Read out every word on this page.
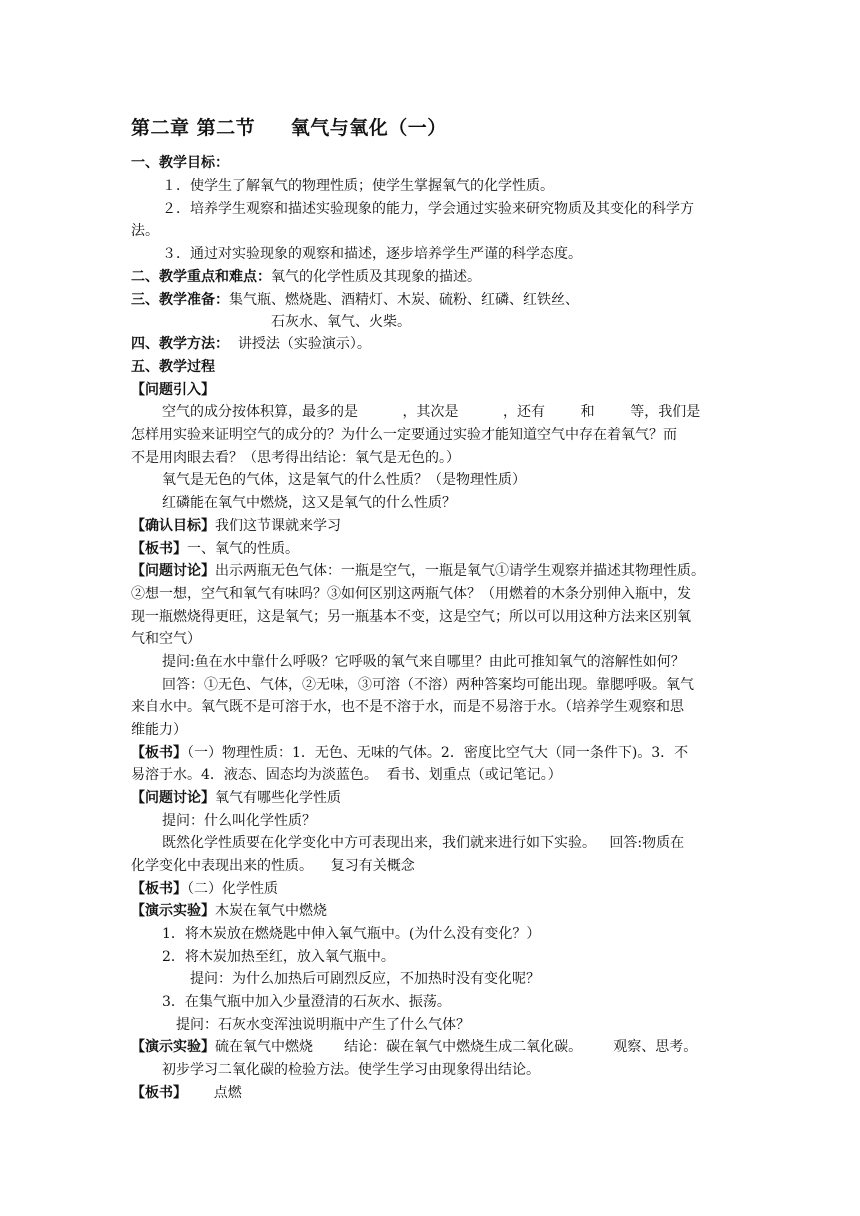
第二章 第二节     氧气与氧化（一）
一、教学目标：
１．使学生了解氧气的物理性质；使学生掌握氧气的化学性质。
２．培养学生观察和描述实验现象的能力，学会通过实验来研究物质及其变化的科学方
法。
３．通过对实验现象的观察和描述，逐步培养学生严谨的科学态度。
二、教学重点和难点：氧气的化学性质及其现象的描述。
三、教学准备：集气瓶、燃烧匙、酒精灯、木炭、硫粉、红磷、红铁丝、
石灰水、氧气、火柴。
四、教学方法： 讲授法（实验演示）。
五、教学过程
【问题引入】
空气的成分按体积算，最多的是          ，其次是          ，还有        和        等，我们是
怎样用实验来证明空气的成分的？为什么一定要通过实验才能知道空气中存在着氧气？而
不是用肉眼去看？（思考得出结论：氧气是无色的。）
氧气是无色的气体，这是氧气的什么性质？（是物理性质）
红磷能在氧气中燃烧，这又是氧气的什么性质？
【确认目标】我们这节课就来学习
【板书】一、氧气的性质。
【问题讨论】出示两瓶无色气体：一瓶是空气，一瓶是氧气①请学生观察并描述其物理性质。
②想一想，空气和氧气有味吗？③如何区别这两瓶气体？（用燃着的木条分别伸入瓶中，发
现一瓶燃烧得更旺，这是氧气；另一瓶基本不变，这是空气；所以可以用这种方法来区别氧
气和空气）
提问:鱼在水中靠什么呼吸？它呼吸的氧气来自哪里？由此可推知氧气的溶解性如何？
回答：①无色、气体，②无味，③可溶（不溶）两种答案均可能出现。靠腮呼吸。氧气
来自水中。氧气既不是可溶于水，也不是不溶于水，而是不易溶于水。（培养学生观察和思
维能力）
【板书】（一）物理性质：1．无色、无味的气体。2．密度比空气大（同一条件下)。3．不
易溶于水。4．液态、固态均为淡蓝色。  看书、划重点（或记笔记。）
【问题讨论】氧气有哪些化学性质
提问：什么叫化学性质？
既然化学性质要在化学变化中方可表现出来，我们就来进行如下实验。   回答:物质在
化学变化中表现出来的性质。    复习有关概念
【板书】（二）化学性质
【演示实验】木炭在氧气中燃烧
1．将木炭放在燃烧匙中伸入氧气瓶中。(为什么没有变化？）
2．将木炭加热至红，放入氧气瓶中。
提问：为什么加热后可剧烈反应，不加热时没有变化呢？
3．在集气瓶中加入少量澄清的石灰水、振荡。
提问：石灰水变浑浊说明瓶中产生了什么气体？
【演示实验】硫在氧气中燃烧       结论：碳在氧气中燃烧生成二氧化碳。       观察、思考。
初步学习二氧化碳的检验方法。使学生学习由现象得出结论。
【板书】 点燃
